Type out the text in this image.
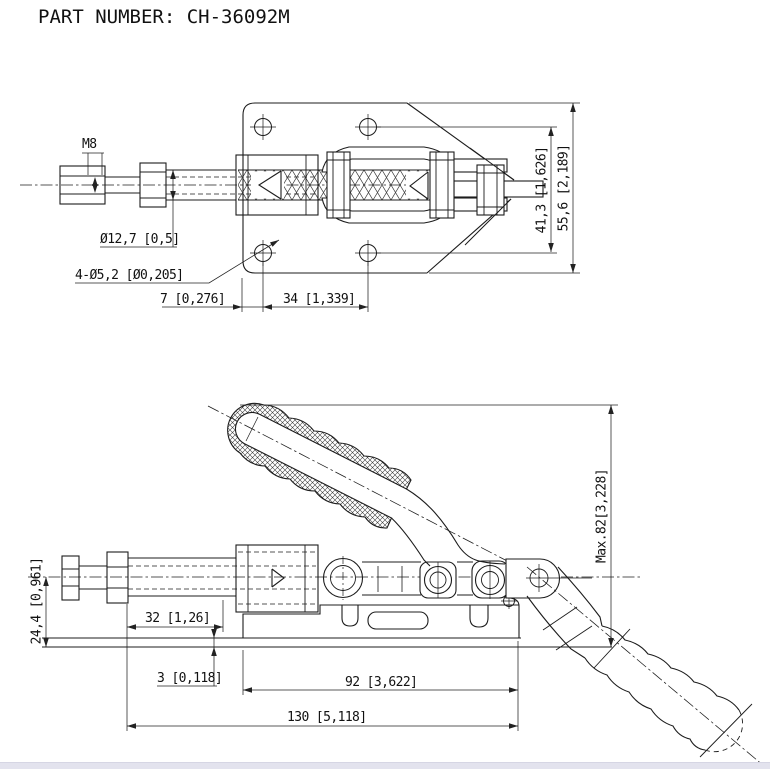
PART NUMBER: CH-36092M
M8
Ø12,7 [0,5]
4-Ø5,2 [Ø0,205]
7 [0,276]	34 [1,339]
41,3 [1,626] 55,6 [2,189]
24,4 [0,961]	32 [1,26]
3 [0,118]	92 [3,622]
130 [5,118]
Max.82[3,228]
